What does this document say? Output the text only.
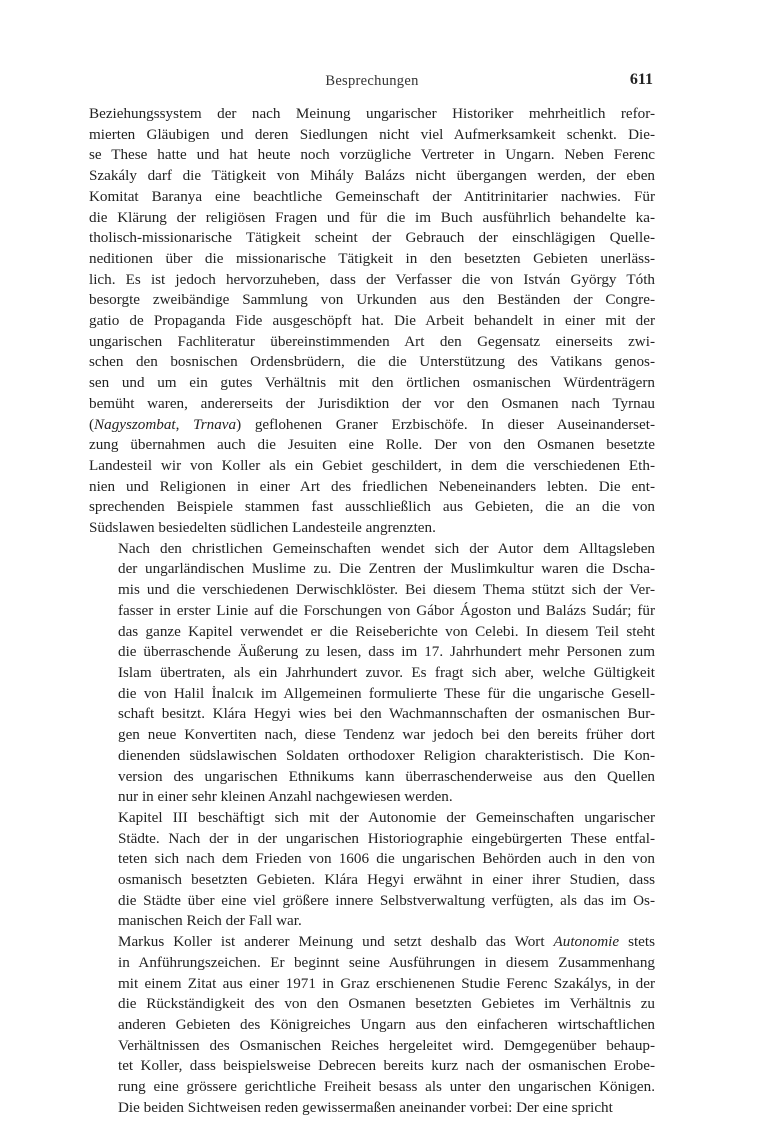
Besprechungen	611

Beziehungssystem der nach Meinung ungarischer Historiker mehrheitlich refor-
mierten Gläubigen und deren Siedlungen nicht viel Aufmerksamkeit schenkt. Die-
se These hatte und hat heute noch vorzügliche Vertreter in Ungarn. Neben Ferenc
Szakály darf die Tätigkeit von Mihály Balázs nicht übergangen werden, der eben
Komitat Baranya eine beachtliche Gemeinschaft der Antitrinitarier nachwies. Für
die Klärung der religiösen Fragen und für die im Buch ausführlich behandelte ka-
tholisch-missionarische Tätigkeit scheint der Gebrauch der einschlägigen Quelle-
neditionen über die missionarische Tätigkeit in den besetzten Gebieten unerläss-
lich. Es ist jedoch hervorzuheben, dass der Verfasser die von István György Tóth
besorgte zweibändige Sammlung von Urkunden aus den Beständen der Congre-
gatio de Propaganda Fide ausgeschöpft hat. Die Arbeit behandelt in einer mit der
ungarischen Fachliteratur übereinstimmenden Art den Gegensatz einerseits zwi-
schen den bosnischen Ordensbrüdern, die die Unterstützung des Vatikans genos-
sen und um ein gutes Verhältnis mit den örtlichen osmanischen Würdenträgern
bemüht waren, andererseits der Jurisdiktion der vor den Osmanen nach Tyrnau
(Nagyszombat, Trnava) geflohenen Graner Erzbischöfe. In dieser Auseinanderset-
zung übernahmen auch die Jesuiten eine Rolle. Der von den Osmanen besetzte
Landesteil wir von Koller als ein Gebiet geschildert, in dem die verschiedenen Eth-
nien und Religionen in einer Art des friedlichen Nebeneinanders lebten. Die ent-
sprechenden Beispiele stammen fast ausschließlich aus Gebieten, die an die von
Südslawen besiedelten südlichen Landesteile angrenzten.

Nach den christlichen Gemeinschaften wendet sich der Autor dem Alltagsleben
der ungarländischen Muslime zu. Die Zentren der Muslimkultur waren die Dscha-
mis und die verschiedenen Derwischklöster. Bei diesem Thema stützt sich der Ver-
fasser in erster Linie auf die Forschungen von Gábor Ágoston und Balázs Sudár; für
das ganze Kapitel verwendet er die Reiseberichte von Celebi. In diesem Teil steht
die überraschende Äußerung zu lesen, dass im 17. Jahrhundert mehr Personen zum
Islam übertraten, als ein Jahrhundert zuvor. Es fragt sich aber, welche Gültigkeit
die von Halil İnalcık im Allgemeinen formulierte These für die ungarische Gesell-
schaft besitzt. Klára Hegyi wies bei den Wachmannschaften der osmanischen Bur-
gen neue Konvertiten nach, diese Tendenz war jedoch bei den bereits früher dort
dienenden südslawischen Soldaten orthodoxer Religion charakteristisch. Die Kon-
version des ungarischen Ethnikums kann überraschenderweise aus den Quellen
nur in einer sehr kleinen Anzahl nachgewiesen werden.

Kapitel III beschäftigt sich mit der Autonomie der Gemeinschaften ungarischer
Städte. Nach der in der ungarischen Historiographie eingebürgerten These entfal-
teten sich nach dem Frieden von 1606 die ungarischen Behörden auch in den von
osmanisch besetzten Gebieten. Klára Hegyi erwähnt in einer ihrer Studien, dass
die Städte über eine viel größere innere Selbstverwaltung verfügten, als das im Os-
manischen Reich der Fall war.

Markus Koller ist anderer Meinung und setzt deshalb das Wort Autonomie stets
in Anführungszeichen. Er beginnt seine Ausführungen in diesem Zusammenhang
mit einem Zitat aus einer 1971 in Graz erschienenen Studie Ferenc Szakálys, in der
die Rückständigkeit des von den Osmanen besetzten Gebietes im Verhältnis zu
anderen Gebieten des Königreiches Ungarn aus den einfacheren wirtschaftlichen
Verhältnissen des Osmanischen Reiches hergeleitet wird. Demgegenüber behaup-
tet Koller, dass beispielsweise Debrecen bereits kurz nach der osmanischen Erobe-
rung eine grössere gerichtliche Freiheit besass als unter den ungarischen Königen.
Die beiden Sichtweisen reden gewissermaßen aneinander vorbei: Der eine spricht
